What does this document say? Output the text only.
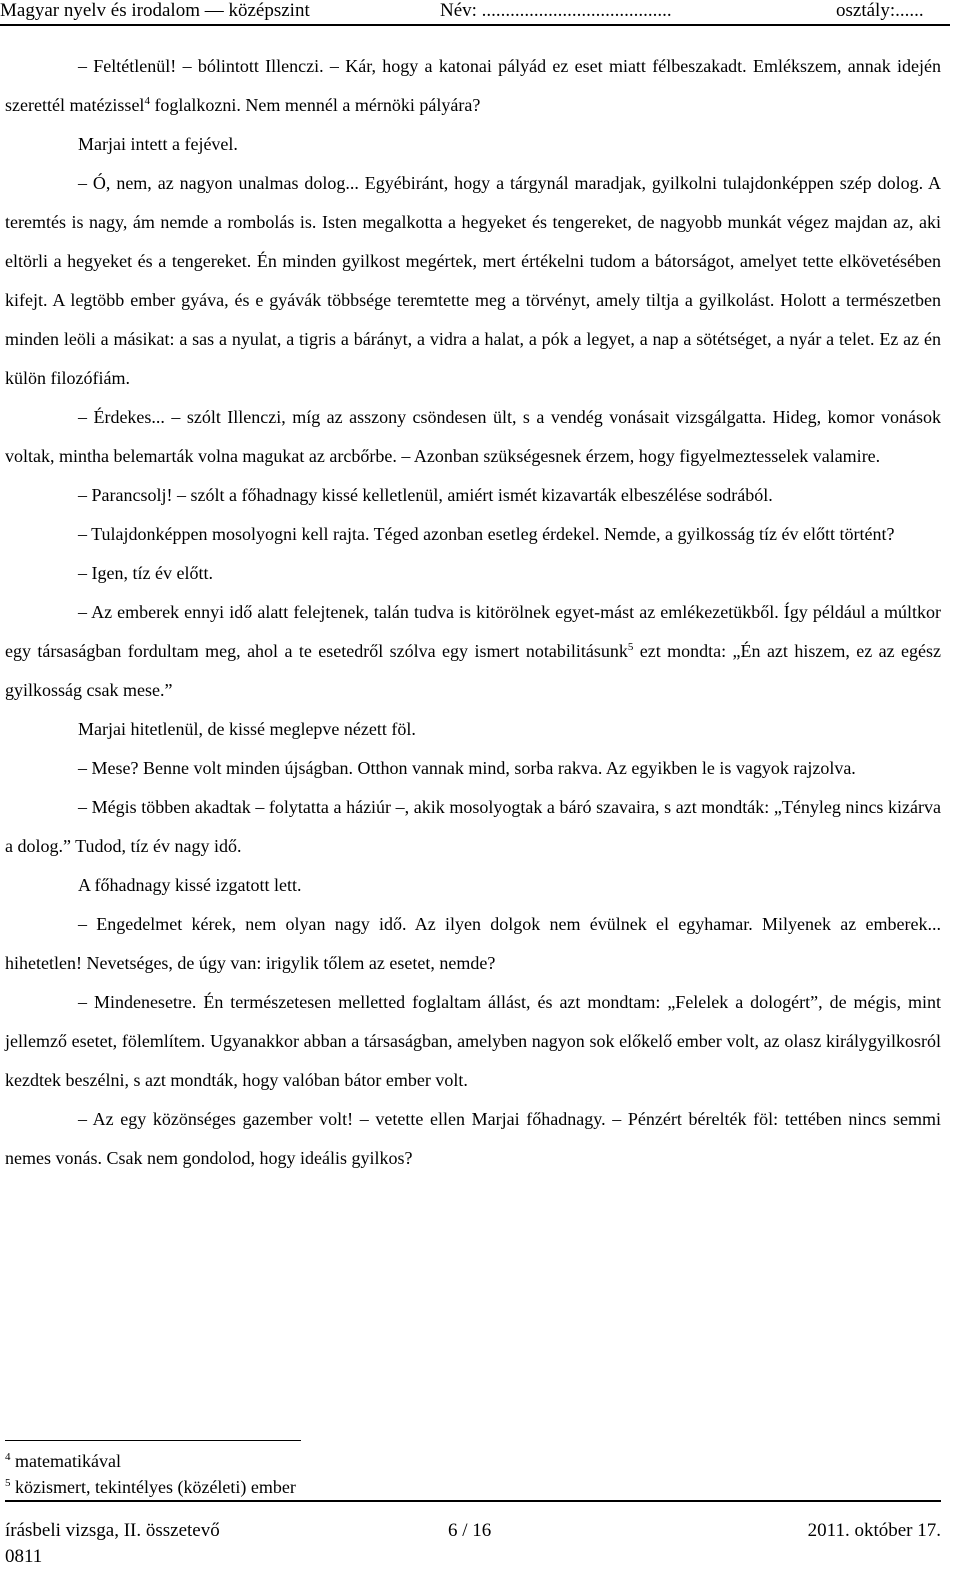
Magyar nyelv és irodalom — középszint	Név: ........................................	osztály:......

– Feltétlenül! – bólintott Illenczi. – Kár, hogy a katonai pályád ez eset miatt félbeszakadt. Emlékszem, annak idején szerettél matézissel$^4$ foglalkozni. Nem mennél a mérnöki pályára?

Marjai intett a fejével.

– Ó, nem, az nagyon unalmas dolog... Egyébiránt, hogy a tárgynál maradjak, gyilkolni tulajdonképpen szép dolog. A teremtés is nagy, ám nemde a rombolás is. Isten megalkotta a hegyeket és tengereket, de nagyobb munkát végez majdan az, aki eltörli a hegyeket és a tengereket. Én minden gyilkost megértek, mert értékelni tudom a bátorságot, amelyet tette elkövetésében kifejt. A legtöbb ember gyáva, és e gyávák többsége teremtette meg a törvényt, amely tiltja a gyilkolást. Holott a természetben minden leöli a másikat: a sas a nyulat, a tigris a bárányt, a vidra a halat, a pók a legyet, a nap a sötétséget, a nyár a telet. Ez az én külön filozófiám.

– Érdekes... – szólt Illenczi, míg az asszony csöndesen ült, s a vendég vonásait vizsgálgatta. Hideg, komor vonások voltak, mintha belemarták volna magukat az arcbőrbe. – Azonban szükségesnek érzem, hogy figyelmeztesselek valamire.

– Parancsolj! – szólt a főhadnagy kissé kelletlenül, amiért ismét kizavarták elbeszélése sodrából.

– Tulajdonképpen mosolyogni kell rajta. Téged azonban esetleg érdekel. Nemde, a gyilkosság tíz év előtt történt?

– Igen, tíz év előtt.

– Az emberek ennyi idő alatt felejtenek, talán tudva is kitörölnek egyet-mást az emlékezetükből. Így például a múltkor egy társaságban fordultam meg, ahol a te esetedről szólva egy ismert notabilitásunk$^5$ ezt mondta: „Én azt hiszem, ez az egész gyilkosság csak mese.”

Marjai hitetlenül, de kissé meglepve nézett föl.

– Mese? Benne volt minden újságban. Otthon vannak mind, sorba rakva. Az egyikben le is vagyok rajzolva.

– Mégis többen akadtak – folytatta a háziúr –, akik mosolyogtak a báró szavaira, s azt mondták: „Tényleg nincs kizárva a dolog.” Tudod, tíz év nagy idő.

A főhadnagy kissé izgatott lett.

– Engedelmet kérek, nem olyan nagy idő. Az ilyen dolgok nem évülnek el egyhamar. Milyenek az emberek... hihetetlen! Nevetséges, de úgy van: irigylik tőlem az esetet, nemde?

– Mindenesetre. Én természetesen melletted foglaltam állást, és azt mondtam: „Felelek a dologért”, de mégis, mint jellemző esetet, fölemlítem. Ugyanakkor abban a társaságban, amelyben nagyon sok előkelő ember volt, az olasz királygyilkosról kezdtek beszélni, s azt mondták, hogy valóban bátor ember volt.

– Az egy közönséges gazember volt! – vetette ellen Marjai főhadnagy. – Pénzért bérelték föl: tettében nincs semmi nemes vonás. Csak nem gondolod, hogy ideális gyilkos?

$^4$ matematikával

$^5$ közismert, tekintélyes (közéleti) ember

írásbeli vizsga, II. összetevő	6 / 16	2011. október 17.
0811
